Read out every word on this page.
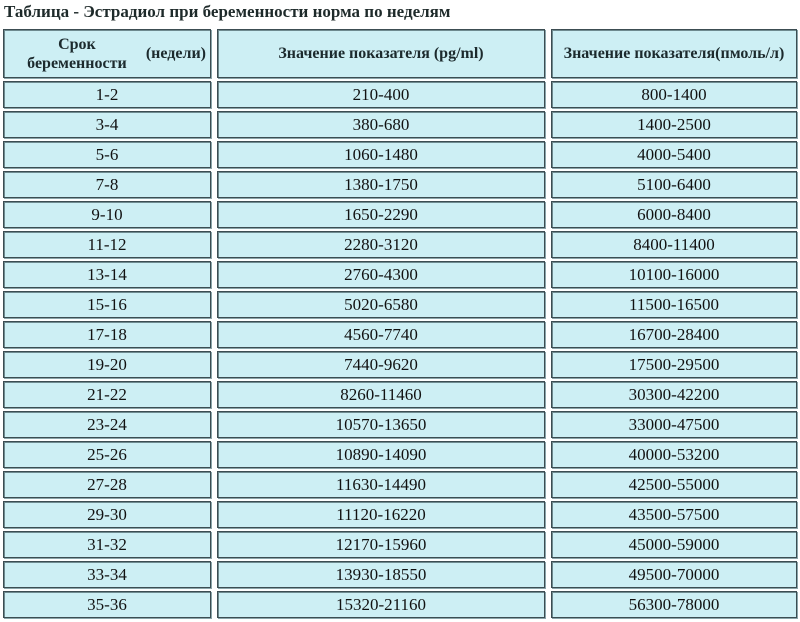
Таблица - Эстрадиол при беременности норма по неделям
Срок беременности
(недели)	Значение показателя (pg/ml)	Значение показателя (пмоль/л)
1-2	210-400	800-1400
3-4	380-680	1400-2500
5-6	1060-1480	4000-5400
7-8	1380-1750	5100-6400
9-10	1650-2290	6000-8400
11-12	2280-3120	8400-11400
13-14	2760-4300	10100-16000
15-16	5020-6580	11500-16500
17-18	4560-7740	16700-28400
19-20	7440-9620	17500-29500
21-22	8260-11460	30300-42200
23-24	10570-13650	33000-47500
25-26	10890-14090	40000-53200
27-28	11630-14490	42500-55000
29-30	11120-16220	43500-57500
31-32	12170-15960	45000-59000
33-34	13930-18550	49500-70000
35-36	15320-21160	56300-78000
